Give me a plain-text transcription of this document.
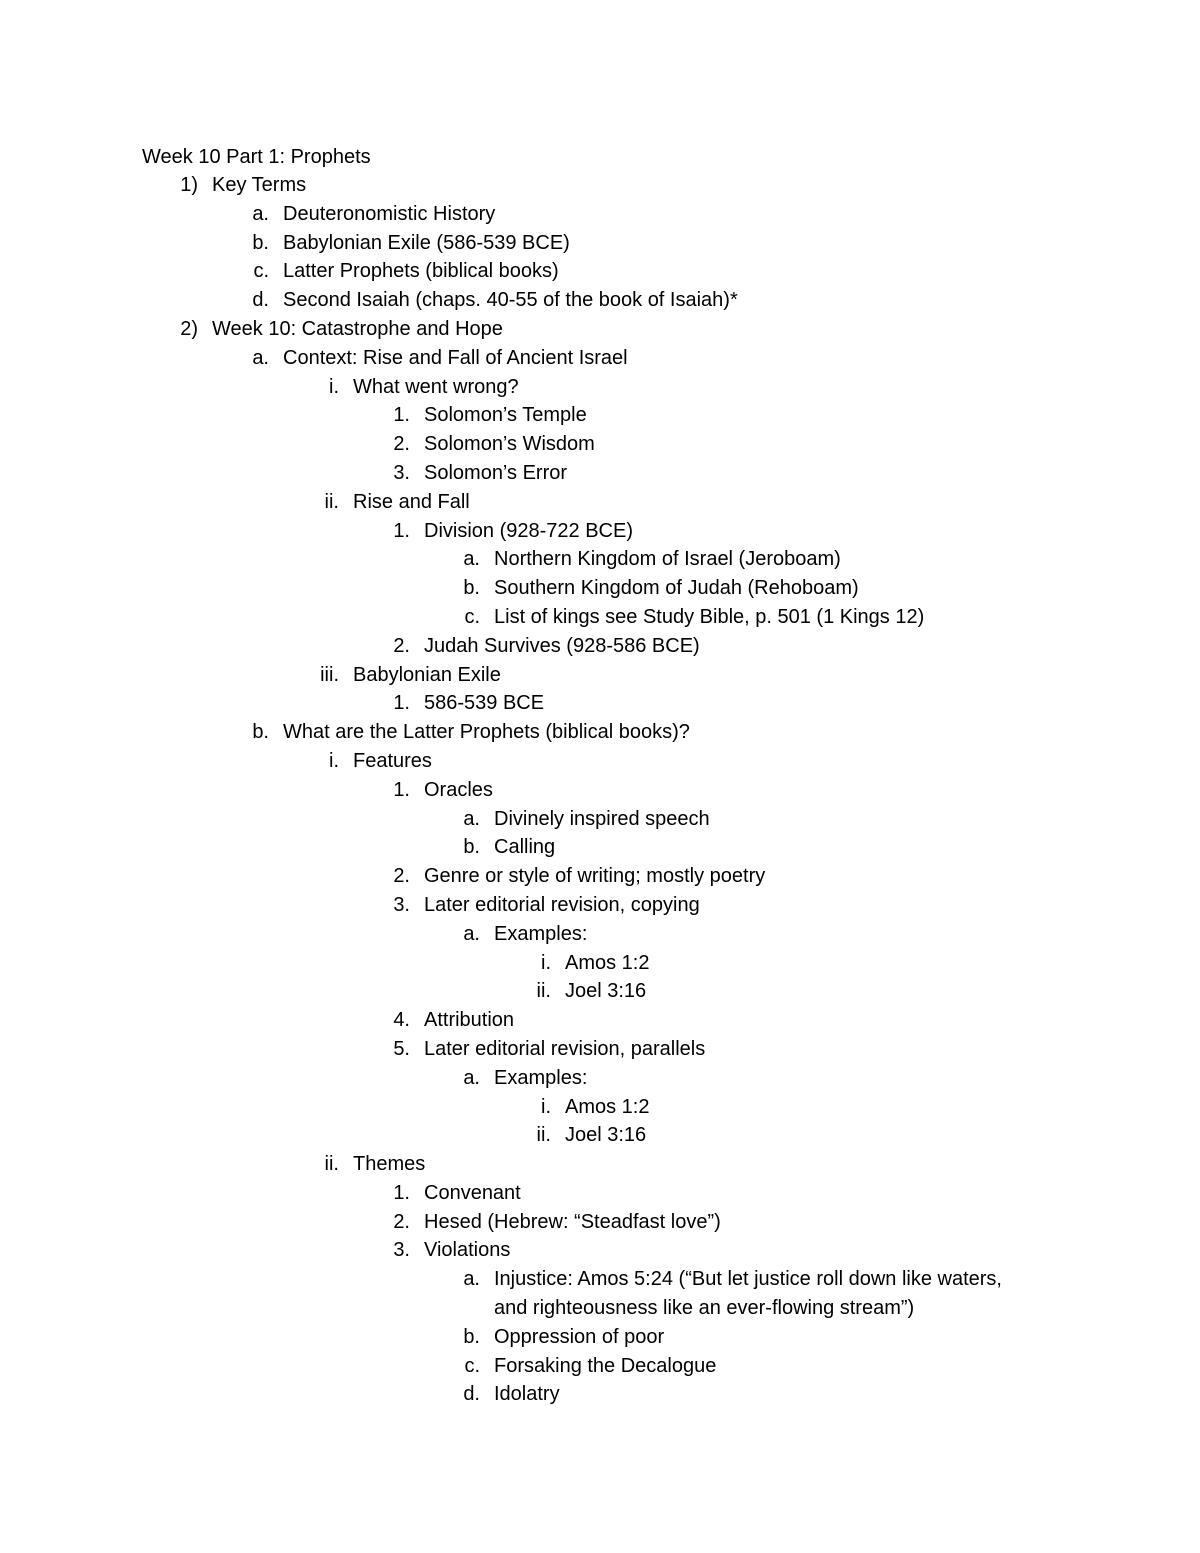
Week 10 Part 1: Prophets
1) Key Terms
a. Deuteronomistic History
b. Babylonian Exile (586-539 BCE)
c. Latter Prophets (biblical books)
d. Second Isaiah (chaps. 40-55 of the book of Isaiah)*
2) Week 10: Catastrophe and Hope
a. Context: Rise and Fall of Ancient Israel
i. What went wrong?
1. Solomon’s Temple
2. Solomon’s Wisdom
3. Solomon’s Error
ii. Rise and Fall
1. Division (928-722 BCE)
a. Northern Kingdom of Israel (Jeroboam)
b. Southern Kingdom of Judah (Rehoboam)
c. List of kings see Study Bible, p. 501 (1 Kings 12)
2. Judah Survives (928-586 BCE)
iii. Babylonian Exile
1. 586-539 BCE
b. What are the Latter Prophets (biblical books)?
i. Features
1. Oracles
a. Divinely inspired speech
b. Calling
2. Genre or style of writing; mostly poetry
3. Later editorial revision, copying
a. Examples:
i. Amos 1:2
ii. Joel 3:16
4. Attribution
5. Later editorial revision, parallels
a. Examples:
i. Amos 1:2
ii. Joel 3:16
ii. Themes
1. Convenant
2. Hesed (Hebrew: “Steadfast love”)
3. Violations
a. Injustice: Amos 5:24 (“But let justice roll down like waters,
and righteousness like an ever-flowing stream”)
b. Oppression of poor
c. Forsaking the Decalogue
d. Idolatry
